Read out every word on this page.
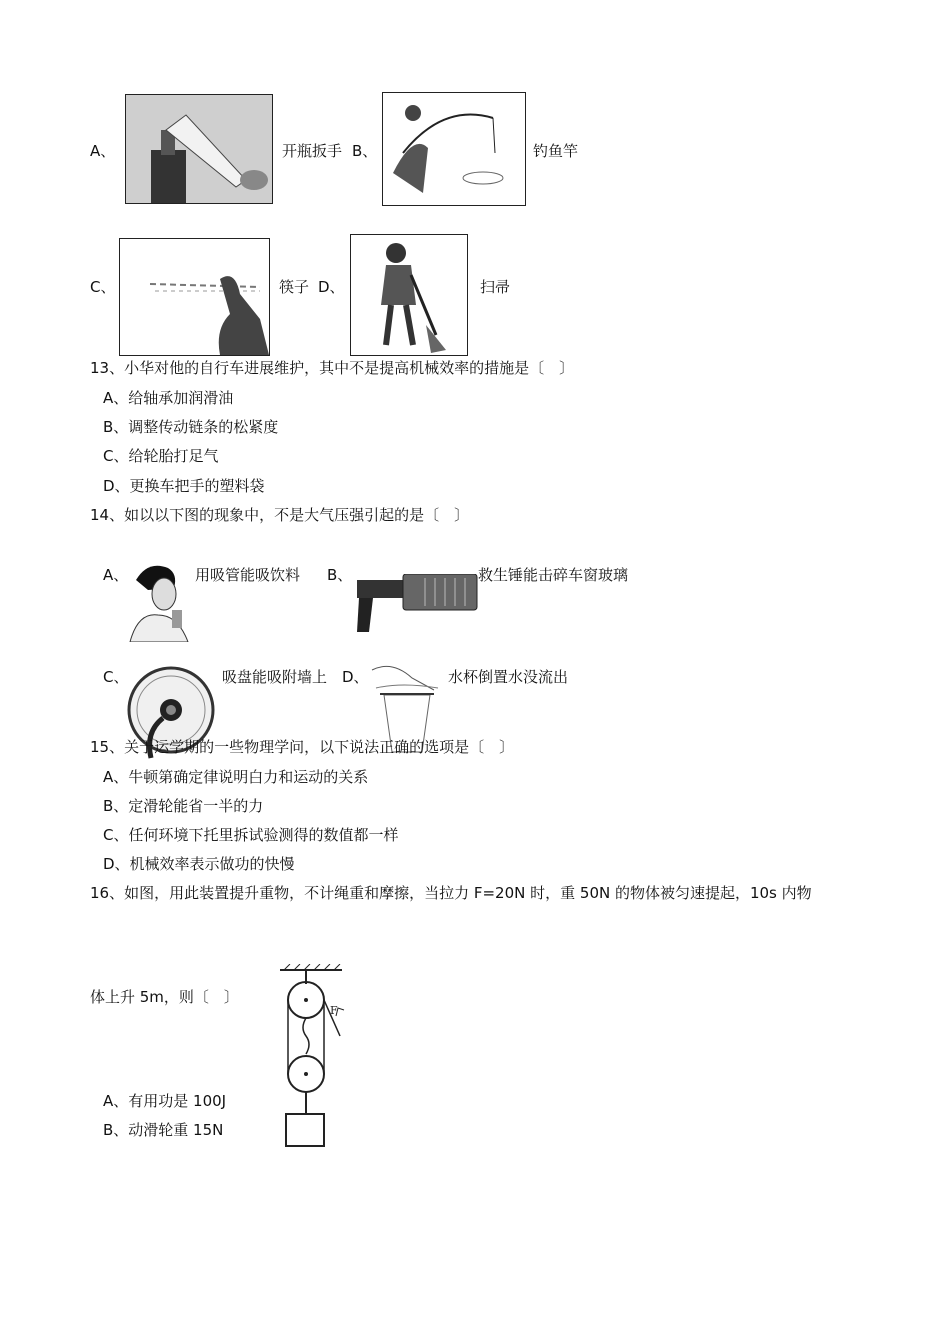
A、	开瓶扳手 B、	钓鱼竿
C、	筷子 D、	扫帚
13、小华对他的自行车进展维护，其中不是提高机械效率的措施是〔　〕
A、给轴承加润滑油
B、调整传动链条的松紧度
C、给轮胎打足气
D、更换车把手的塑料袋
14、如以以下图的现象中，不是大气压强引起的是〔　〕
A、	用吸管能吸饮料 B、	救生锤能击碎车窗玻璃
C、	吸盘能吸附墙上 D、	水杯倒置水没流出
15、关于运学期的一些物理学问，以下说法正确的选项是〔　〕
A、牛顿第确定律说明白力和运动的关系
B、定滑轮能省一半的力
C、任何环境下托里拆试验测得的数值都一样
D、机械效率表示做功的快慢
16、如图，用此装置提升重物，不计绳重和摩擦，当拉力 F=20N 时，重 50N 的物体被匀速提起，10s 内物
体上升 5m，则〔　〕
A、有用功是 100J
B、动滑轮重 15N
F
